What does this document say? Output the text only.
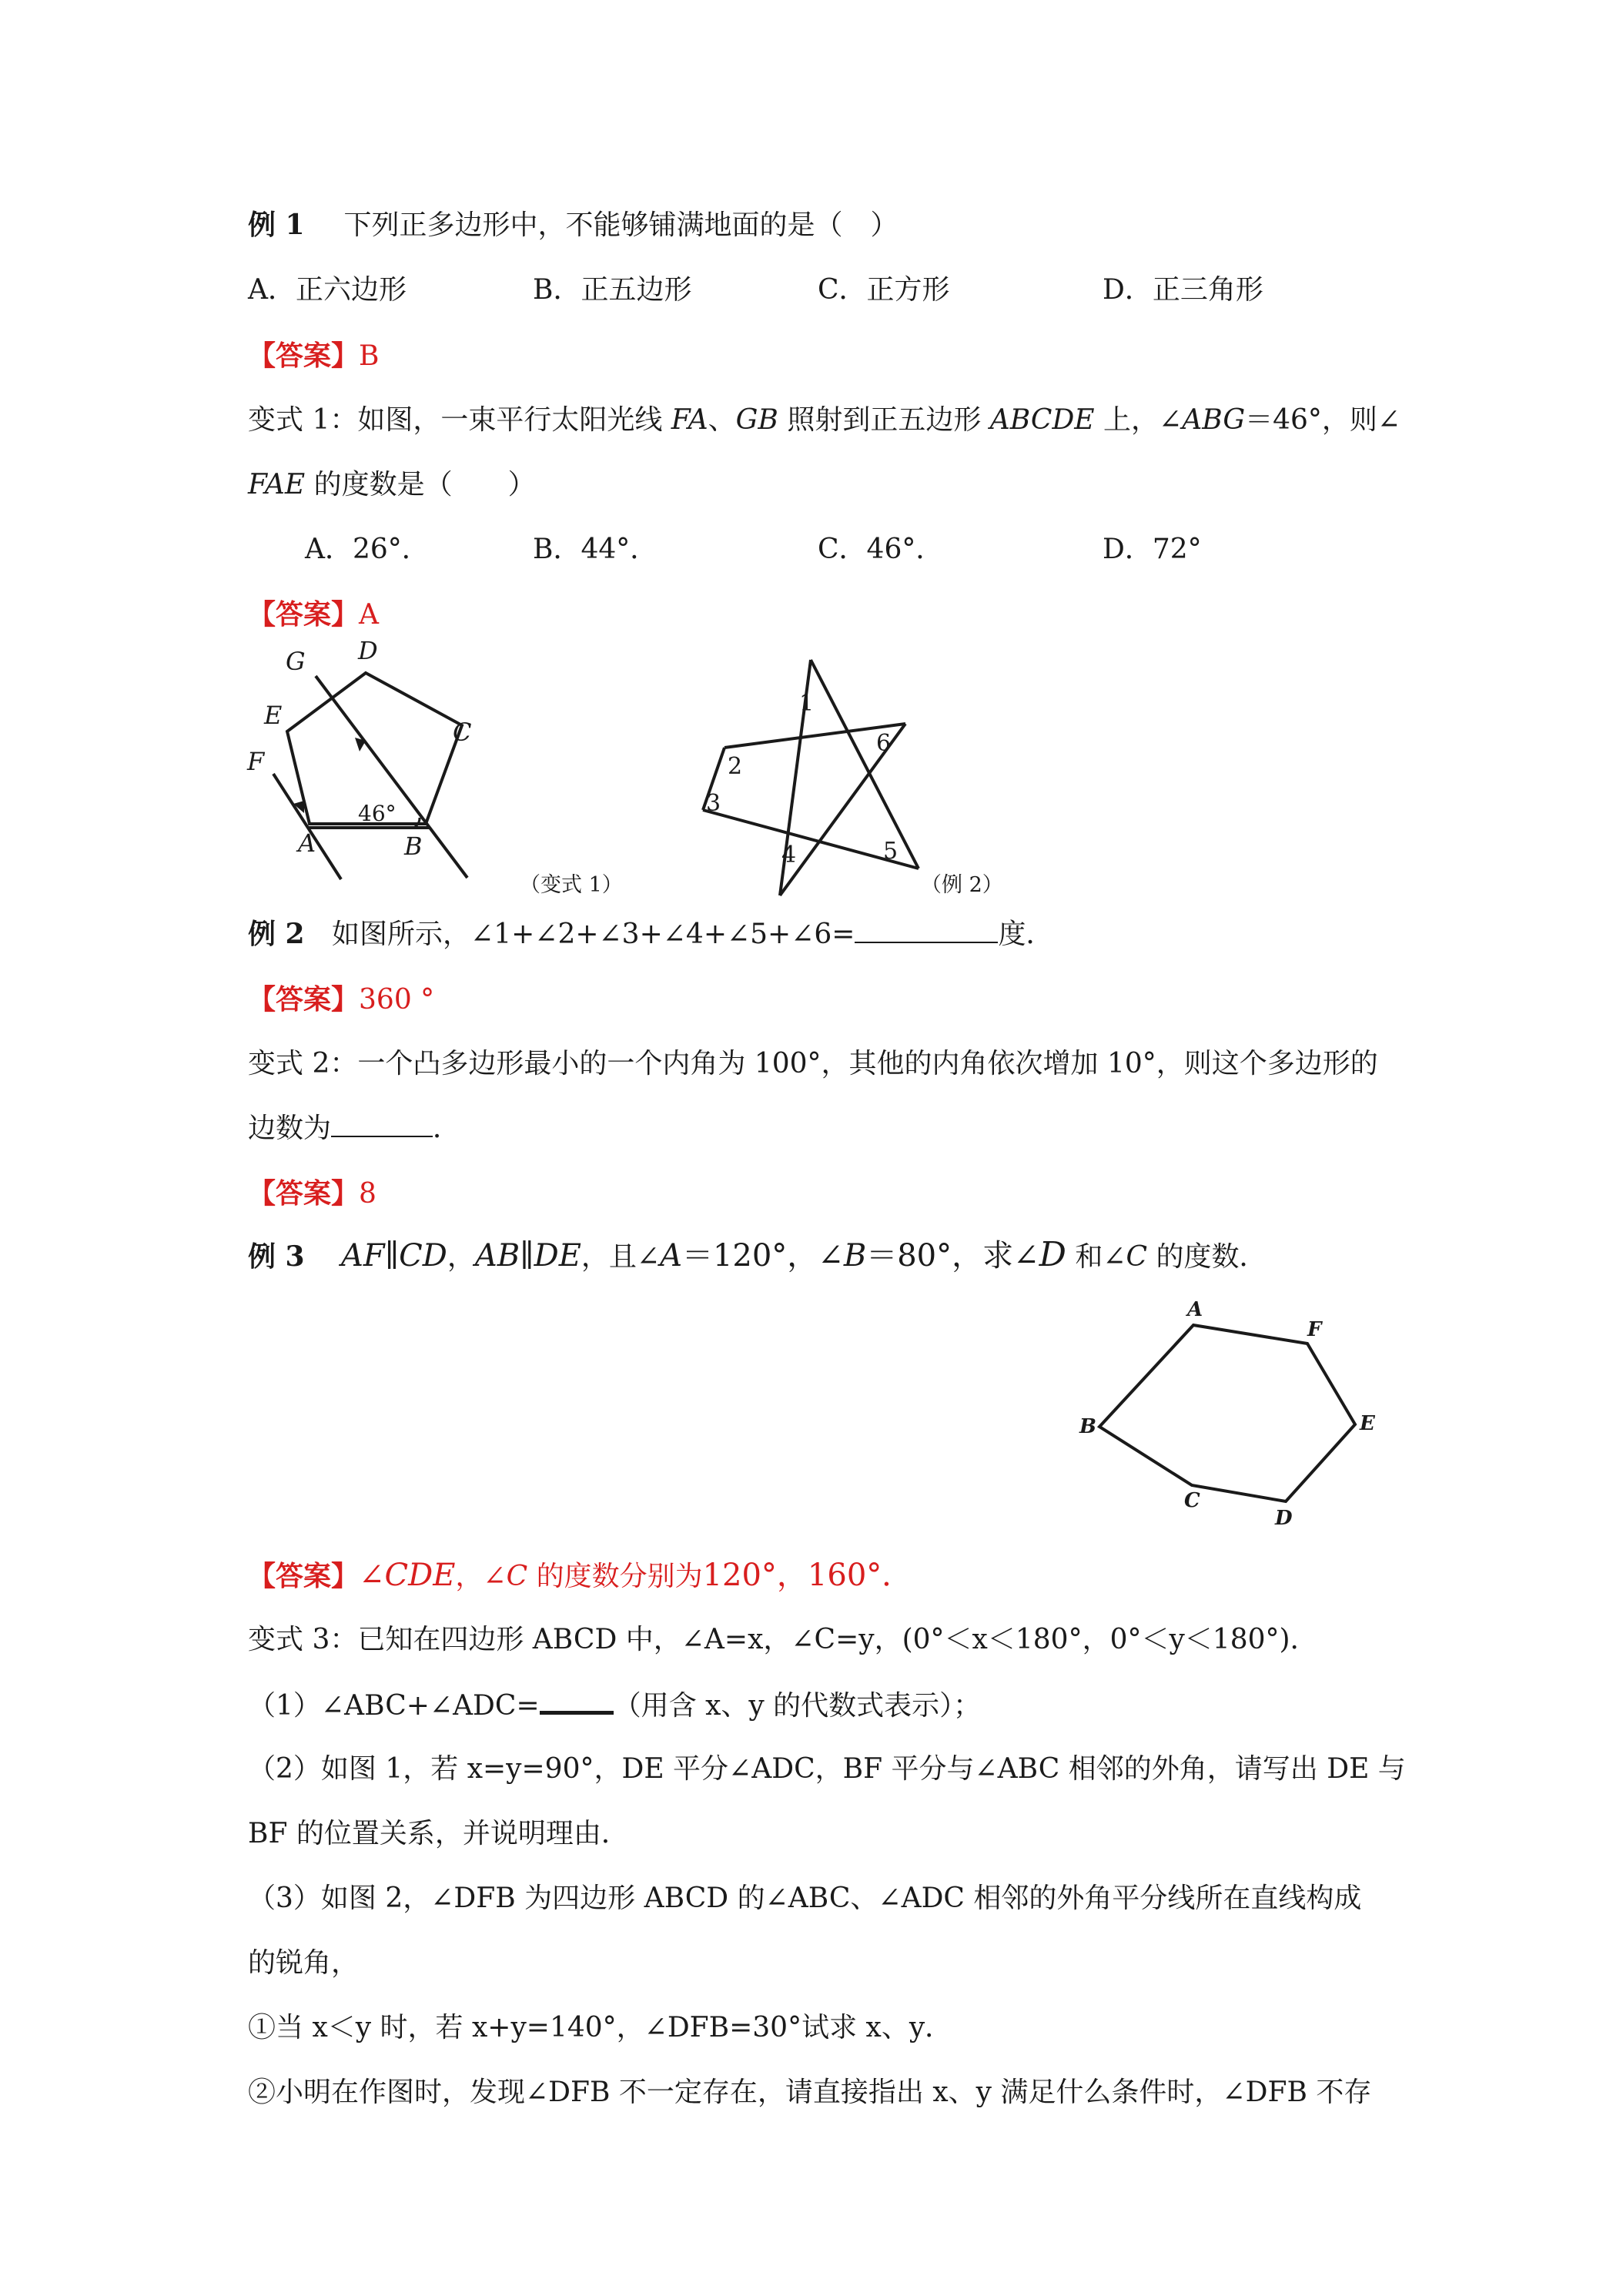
例 1 下列正多边形中，不能够铺满地面的是（　）
A．正六边形	B．正五边形	C．正方形	D．正三角形
【答案】B
变式 1：如图，一束平行太阳光线 FA、GB 照射到正五边形 ABCDE 上，∠ABG＝46°，则∠
FAE 的度数是（　　）
A．26°．	B．44°．	C．46°．	D．72°
【答案】A
G D
C
E
F
A	B
46°
（变式 1）
1
2
3
4	5
6
（例 2）
例 2 如图所示，∠1+∠2+∠3+∠4+∠5+∠6=	度．
【答案】360 °
变式 2：一个凸多边形最小的一个内角为 100°，其他的内角依次增加 10°，则这个多边形的
边数为	．
【答案】8
例 3 AF∥CD，AB∥DE，且∠A＝120°，∠B＝80°，求∠D 和∠C 的度数．
A
F
E
D
C
B
【答案】∠CDE，∠C 的度数分别为120°，160°．
变式 3：已知在四边形 ABCD 中，∠A=x，∠C=y，(0°＜x＜180°，0°＜y＜180°)．
（1）∠ABC+∠ADC=	（用含 x、y 的代数式表示）；
（2）如图 1，若 x=y=90°，DE 平分∠ADC，BF 平分与∠ABC 相邻的外角，请写出 DE 与
BF 的位置关系，并说明理由．
（3）如图 2，∠DFB 为四边形 ABCD 的∠ABC、∠ADC 相邻的外角平分线所在直线构成
的锐角，
①当 x＜y 时，若 x+y=140°，∠DFB=30°试求 x、y．
②小明在作图时，发现∠DFB 不一定存在，请直接指出 x、y 满足什么条件时，∠DFB 不存
